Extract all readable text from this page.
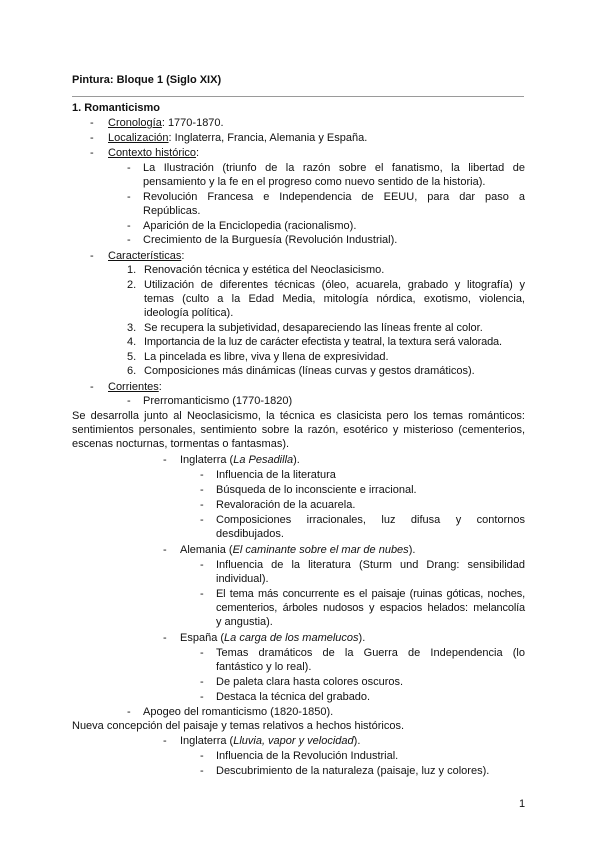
Pintura: Bloque 1 (Siglo XIX)
1. Romanticismo
- Cronología: 1770-1870.
- Localización: Inglaterra, Francia, Alemania y España.
- Contexto histórico:
- La Ilustración (triunfo de la razón sobre el fanatismo, la libertad de
pensamiento y la fe en el progreso como nuevo sentido de la historia).
- Revolución Francesa e Independencia de EEUU, para dar paso a
Repúblicas.
- Aparición de la Enciclopedia (racionalismo).
- Crecimiento de la Burguesía (Revolución Industrial).
- Características:
1. Renovación técnica y estética del Neoclasicismo.
2. Utilización de diferentes técnicas (óleo, acuarela, grabado y litografía) y
temas (culto a la Edad Media, mitología nórdica, exotismo, violencia,
ideología política).
3. Se recupera la subjetividad, desapareciendo las líneas frente al color.
4. Importancia de la luz de carácter efectista y teatral, la textura será valorada.
5. La pincelada es libre, viva y llena de expresividad.
6. Composiciones más dinámicas (líneas curvas y gestos dramáticos).
- Corrientes:
- Prerromanticismo (1770-1820)
Se desarrolla junto al Neoclasicismo, la técnica es clasicista pero los temas románticos:
sentimientos personales, sentimiento sobre la razón, esotérico y misterioso (cementerios,
escenas nocturnas, tormentas o fantasmas).
- Inglaterra (La Pesadilla).
- Influencia de la literatura
- Búsqueda de lo inconsciente e irracional.
- Revaloración de la acuarela.
- Composiciones irracionales, luz difusa y contornos
desdibujados.
- Alemania (El caminante sobre el mar de nubes).
- Influencia de la literatura (Sturm und Drang: sensibilidad
individual).
- El tema más concurrente es el paisaje (ruinas góticas, noches,
cementerios, árboles nudosos y espacios helados: melancolía
y angustia).
- España (La carga de los mamelucos).
- Temas dramáticos de la Guerra de Independencia (lo
fantástico y lo real).
- De paleta clara hasta colores oscuros.
- Destaca la técnica del grabado.
- Apogeo del romanticismo (1820-1850).
Nueva concepción del paisaje y temas relativos a hechos históricos.
- Inglaterra (Lluvia, vapor y velocidad).
- Influencia de la Revolución Industrial.
- Descubrimiento de la naturaleza (paisaje, luz y colores).
1
